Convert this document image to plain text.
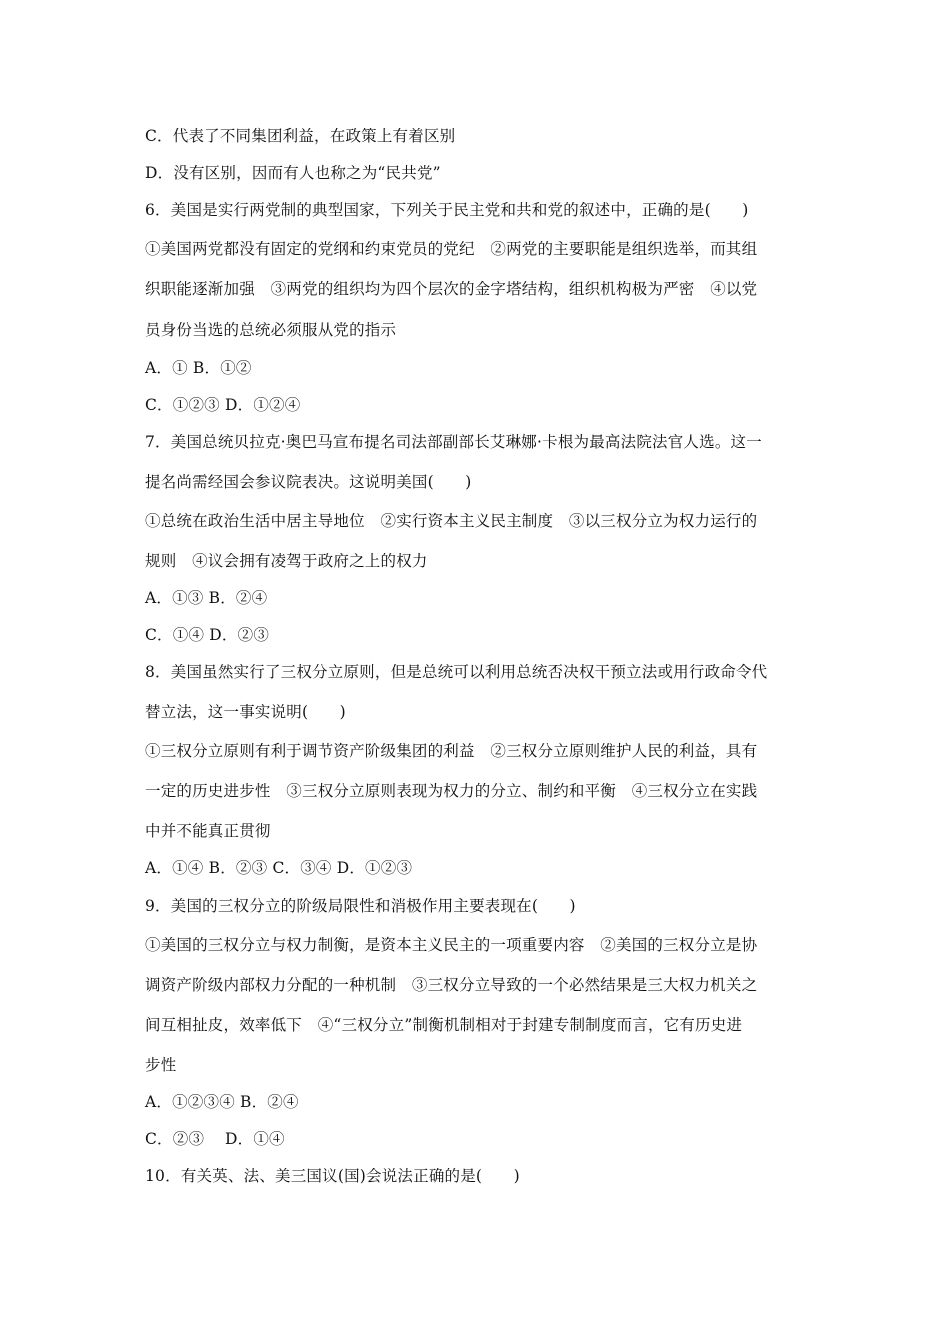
C．代表了不同集团利益，在政策上有着区别
D．没有区别，因而有人也称之为“民共党”
6．美国是实行两党制的典型国家，下列关于民主党和共和党的叙述中，正确的是(　　)
①美国两党都没有固定的党纲和约束党员的党纪　②两党的主要职能是组织选举，而其组
织职能逐渐加强　③两党的组织均为四个层次的金字塔结构，组织机构极为严密　④以党
员身份当选的总统必须服从党的指示
A．① B．①②
C．①②③ D．①②④
7．美国总统贝拉克·奥巴马宣布提名司法部副部长艾琳娜·卡根为最高法院法官人选。这一
提名尚需经国会参议院表决。这说明美国(　　)
①总统在政治生活中居主导地位　②实行资本主义民主制度　③以三权分立为权力运行的
规则　④议会拥有凌驾于政府之上的权力
A．①③ B．②④
C．①④ D．②③
8．美国虽然实行了三权分立原则，但是总统可以利用总统否决权干预立法或用行政命令代
替立法，这一事实说明(　　)
①三权分立原则有利于调节资产阶级集团的利益　②三权分立原则维护人民的利益，具有
一定的历史进步性　③三权分立原则表现为权力的分立、制约和平衡　④三权分立在实践
中并不能真正贯彻
A．①④ B．②③ C．③④ D．①②③
9．美国的三权分立的阶级局限性和消极作用主要表现在(　　)
①美国的三权分立与权力制衡，是资本主义民主的一项重要内容　②美国的三权分立是协
调资产阶级内部权力分配的一种机制　③三权分立导致的一个必然结果是三大权力机关之
间互相扯皮，效率低下　④“三权分立”制衡机制相对于封建专制制度而言，它有历史进
步性
A．①②③④ B．②④
C．②③　 D．①④
10．有关英、法、美三国议(国)会说法正确的是(　　)
